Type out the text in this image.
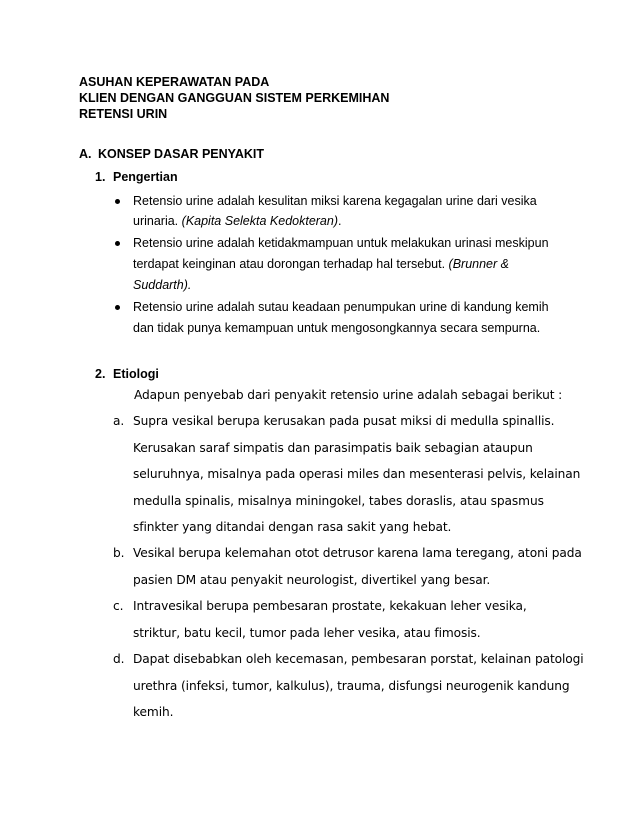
ASUHAN KEPERAWATAN PADA
KLIEN DENGAN GANGGUAN SISTEM PERKEMIHAN
RETENSI URIN
A. KONSEP DASAR PENYAKIT
1. Pengertian
Retensio urine adalah kesulitan miksi karena kegagalan urine dari vesika
urinaria. (Kapita Selekta Kedokteran).
Retensio urine adalah ketidakmampuan untuk melakukan urinasi meskipun
terdapat keinginan atau dorongan terhadap hal tersebut. (Brunner &
Suddarth).
Retensio urine adalah sutau keadaan penumpukan urine di kandung kemih
dan tidak punya kemampuan untuk mengosongkannya secara sempurna.
2. Etiologi
Adapun penyebab dari penyakit retensio urine adalah sebagai berikut :
a. Supra vesikal berupa kerusakan pada pusat miksi di medulla spinallis.
Kerusakan saraf simpatis dan parasimpatis baik sebagian ataupun
seluruhnya, misalnya pada operasi miles dan mesenterasi pelvis, kelainan
medulla spinalis, misalnya miningokel, tabes doraslis, atau spasmus
sfinkter yang ditandai dengan rasa sakit yang hebat.
b. Vesikal berupa kelemahan otot detrusor karena lama teregang, atoni pada
pasien DM atau penyakit neurologist, divertikel yang besar.
c. Intravesikal berupa pembesaran prostate, kekakuan leher vesika,
striktur, batu kecil, tumor pada leher vesika, atau fimosis.
d. Dapat disebabkan oleh kecemasan, pembesaran porstat, kelainan patologi
urethra (infeksi, tumor, kalkulus), trauma, disfungsi neurogenik kandung
kemih.
